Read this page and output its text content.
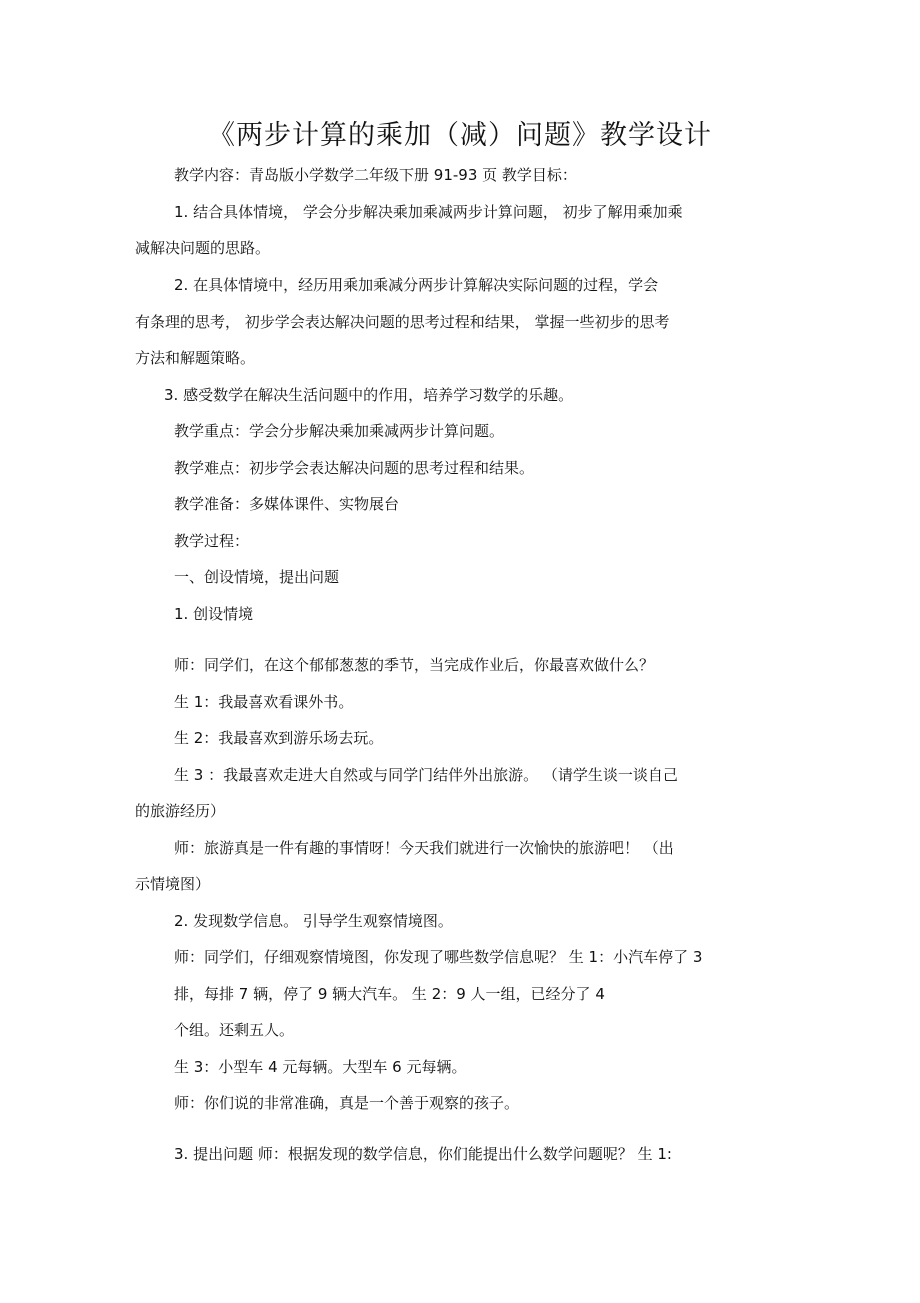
《两步计算的乘加（减）问题》教学设计

教学内容：青岛版小学数学二年级下册 91-93 页 教学目标：

1. 结合具体情境， 学会分步解决乘加乘减两步计算问题， 初步了解用乘加乘

减解决问题的思路。

2. 在具体情境中，经历用乘加乘减分两步计算解决实际问题的过程，学会

有条理的思考， 初步学会表达解决问题的思考过程和结果， 掌握一些初步的思考

方法和解题策略。

3. 感受数学在解决生活问题中的作用，培养学习数学的乐趣。

教学重点：学会分步解决乘加乘减两步计算问题。

教学难点：初步学会表达解决问题的思考过程和结果。

教学准备：多媒体课件、实物展台

教学过程：

一、创设情境，提出问题

1. 创设情境

师：同学们，在这个郁郁葱葱的季节，当完成作业后，你最喜欢做什么？

生 1：我最喜欢看课外书。

生 2：我最喜欢到游乐场去玩。

生 3 ：我最喜欢走进大自然或与同学门结伴外出旅游。 （请学生谈一谈自己

的旅游经历）

师：旅游真是一件有趣的事情呀！今天我们就进行一次愉快的旅游吧！ （出

示情境图）

2. 发现数学信息。 引导学生观察情境图。

师：同学们，仔细观察情境图，你发现了哪些数学信息呢？ 生 1：小汽车停了 3

排，每排 7 辆，停了 9 辆大汽车。 生 2：9 人一组，已经分了 4

个组。还剩五人。

生 3：小型车 4 元每辆。大型车 6 元每辆。

师：你们说的非常准确，真是一个善于观察的孩子。

3. 提出问题 师：根据发现的数学信息，你们能提出什么数学问题呢？ 生 1:
